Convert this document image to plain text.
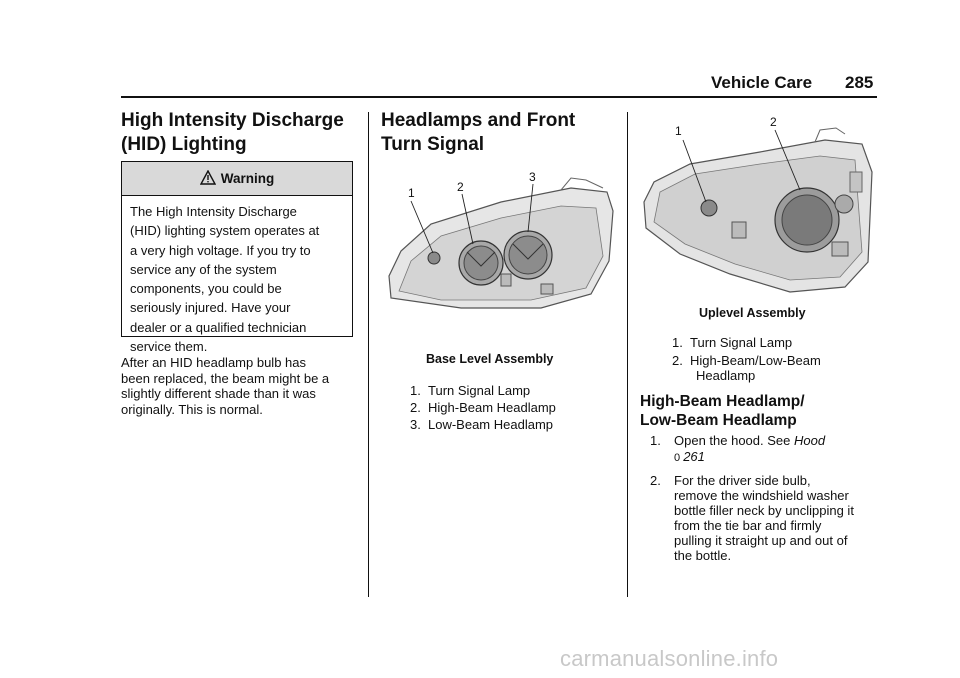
Vehicle Care 285
High Intensity Discharge
(HID) Lighting
Warning
The High Intensity Discharge
(HID) lighting system operates at
a very high voltage. If you try to
service any of the system
components, you could be
seriously injured. Have your
dealer or a qualified technician
service them.
After an HID headlamp bulb has
been replaced, the beam might be a
slightly different shade than it was
originally. This is normal.
Headlamps and Front
Turn Signal
1	2
3
Base Level Assembly
1. Turn Signal Lamp
2. High-Beam Headlamp
3. Low-Beam Headlamp
1
2
Uplevel Assembly
1. Turn Signal Lamp
2. High-Beam/Low-Beam
Headlamp
High-Beam Headlamp/
Low-Beam Headlamp
1. Open the hood. See Hood
0 261
2. For the driver side bulb,
remove the windshield washer
bottle filler neck by unclipping it
from the tie bar and firmly
pulling it straight up and out of
the bottle.
carmanualsonline.info
